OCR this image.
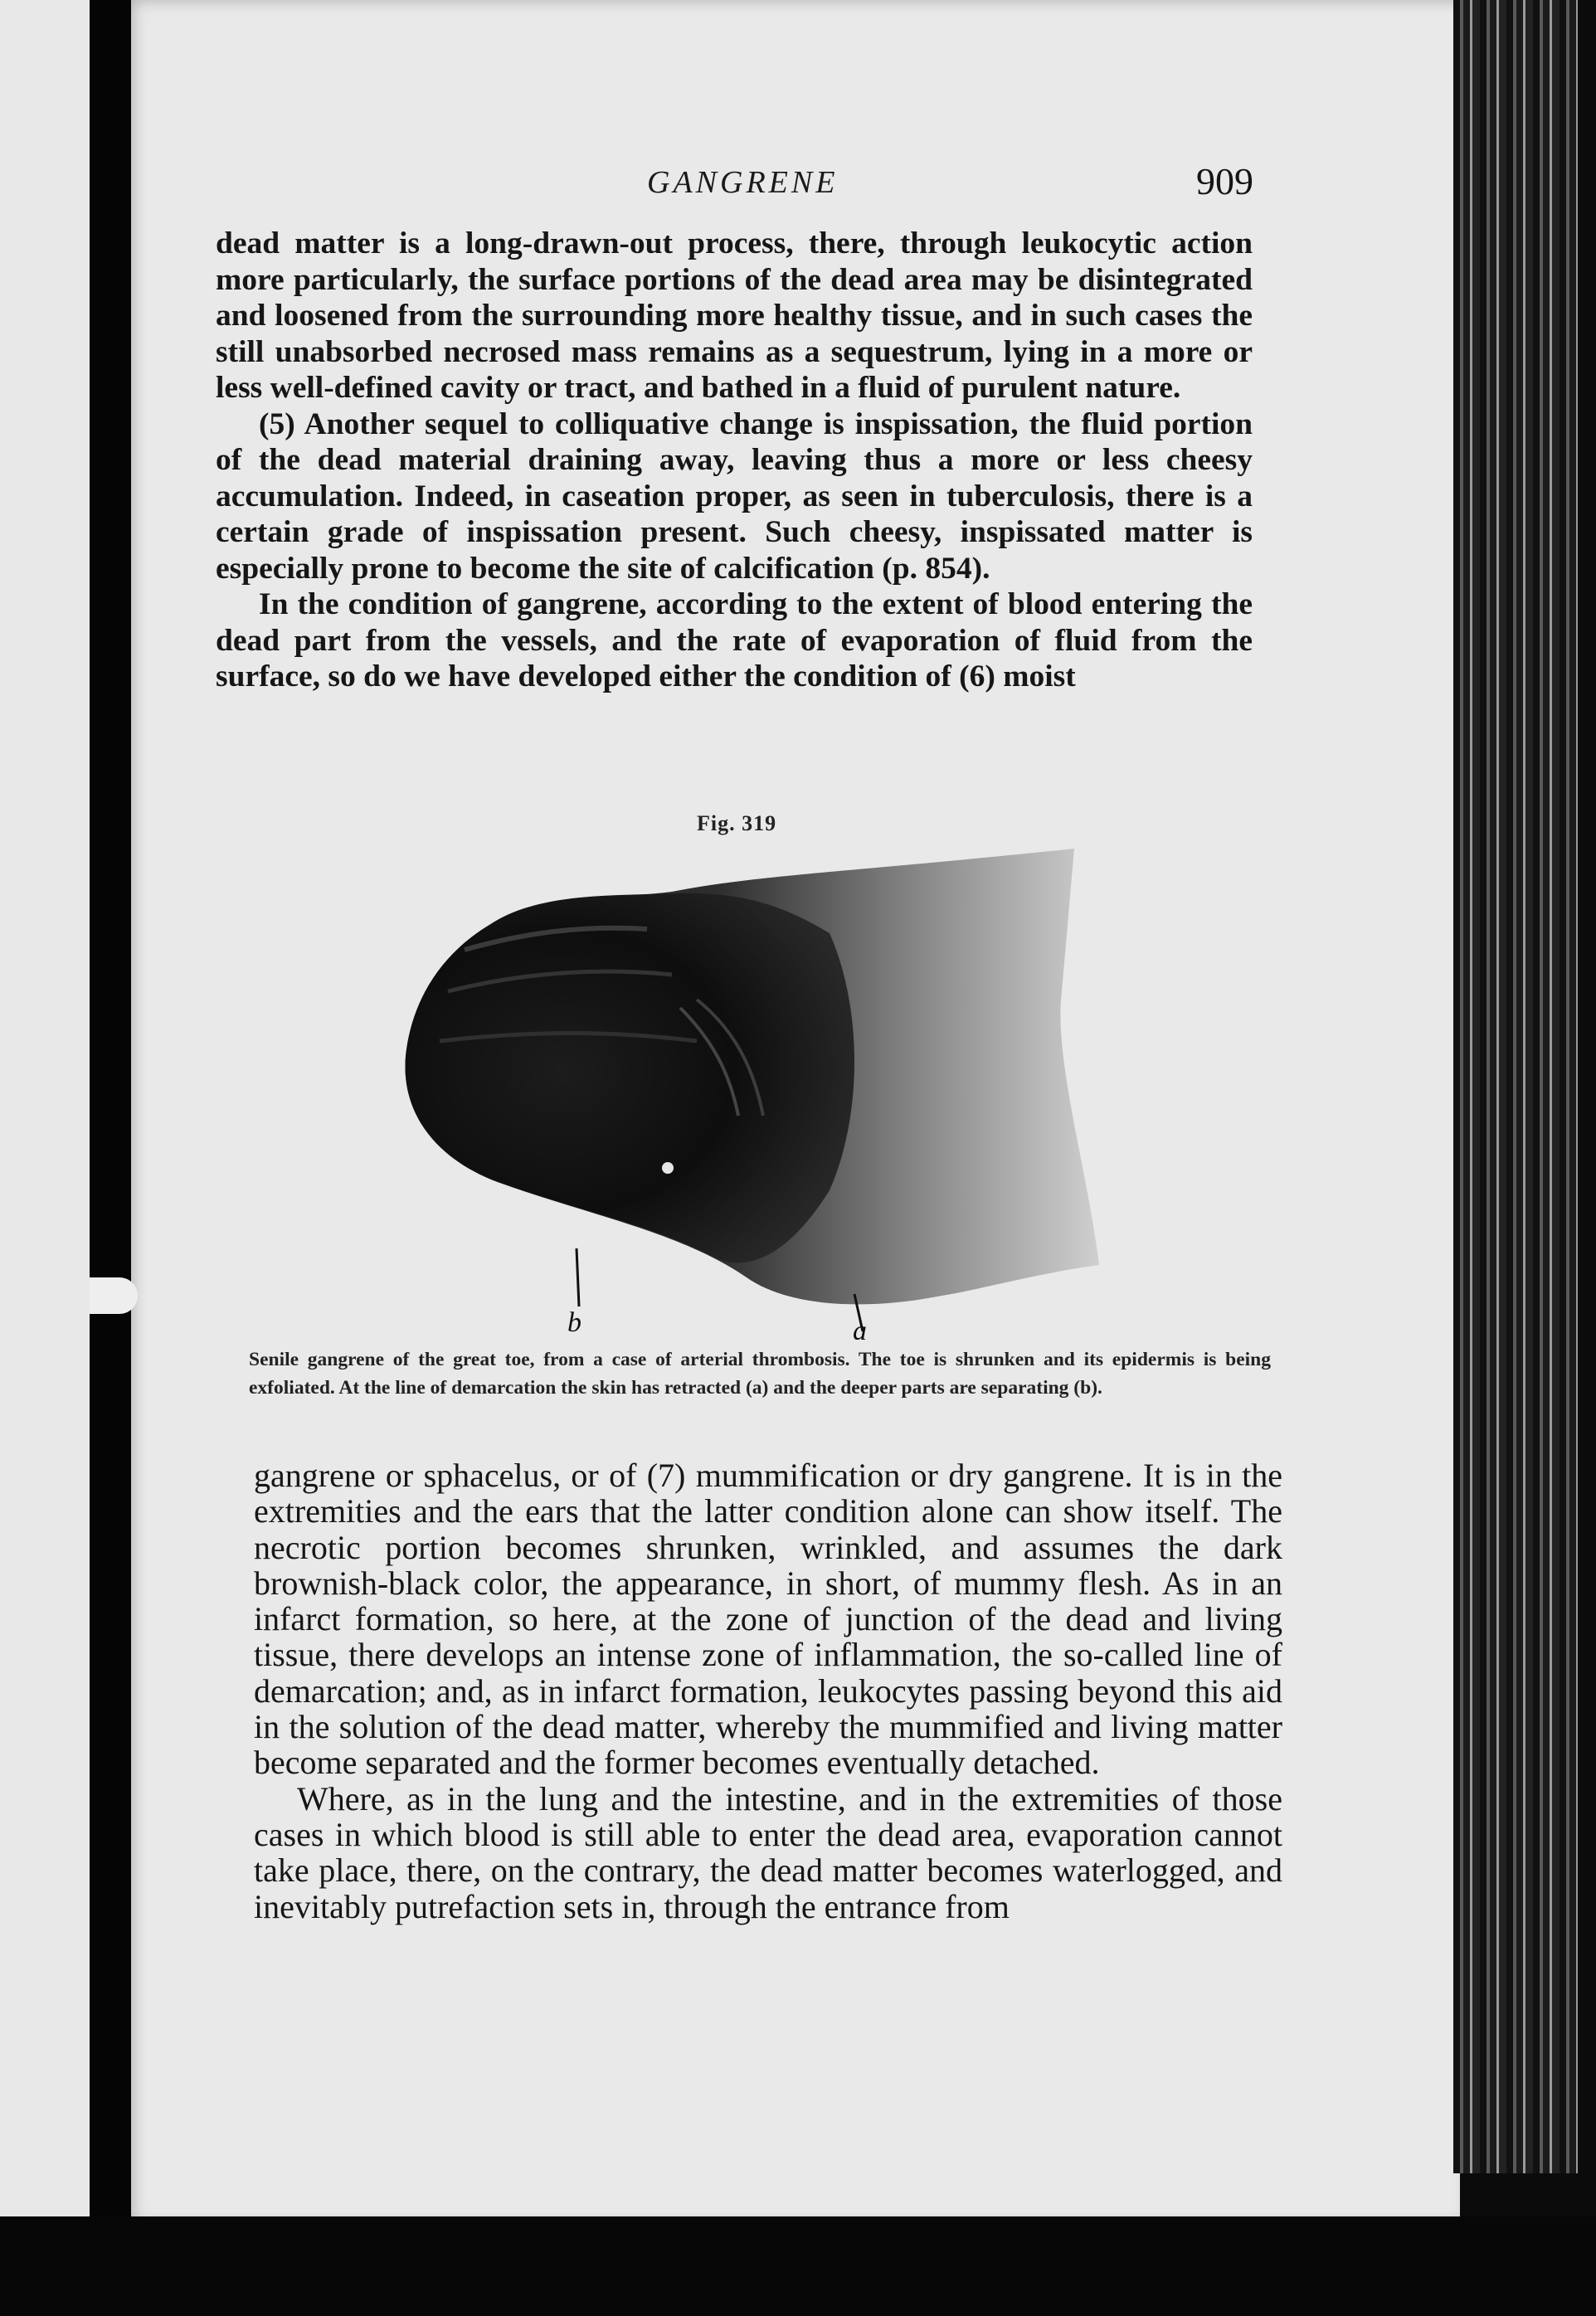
GANGRENE	909

dead matter is a long-drawn-out process, there, through leukocytic action more particularly, the surface portions of the dead area may be disintegrated and loosened from the surrounding more healthy tissue, and in such cases the still unabsorbed necrosed mass remains as a sequestrum, lying in a more or less well-defined cavity or tract, and bathed in a fluid of purulent nature.

(5) Another sequel to colliquative change is inspissation, the fluid portion of the dead material draining away, leaving thus a more or less cheesy accumulation. Indeed, in caseation proper, as seen in tuberculosis, there is a certain grade of inspissation present. Such cheesy, inspissated matter is especially prone to become the site of calcification (p. 854).

In the condition of gangrene, according to the extent of blood entering the dead part from the vessels, and the rate of evaporation of fluid from the surface, so do we have developed either the condition of (6) moist

Fig. 319
b	a

Senile gangrene of the great toe, from a case of arterial thrombosis. The toe is shrunken and its epidermis is being exfoliated. At the line of demarcation the skin has retracted (a) and the deeper parts are separating (b).

gangrene or sphacelus, or of (7) mummification or dry gangrene. It is in the extremities and the ears that the latter condition alone can show itself. The necrotic portion becomes shrunken, wrinkled, and assumes the dark brownish-black color, the appearance, in short, of mummy flesh. As in an infarct formation, so here, at the zone of junction of the dead and living tissue, there develops an intense zone of inflammation, the so-called line of demarcation; and, as in infarct formation, leukocytes passing beyond this aid in the solution of the dead matter, whereby the mummified and living matter become separated and the former becomes eventually detached.

Where, as in the lung and the intestine, and in the extremities of those cases in which blood is still able to enter the dead area, evaporation cannot take place, there, on the contrary, the dead matter becomes waterlogged, and inevitably putrefaction sets in, through the entrance from
